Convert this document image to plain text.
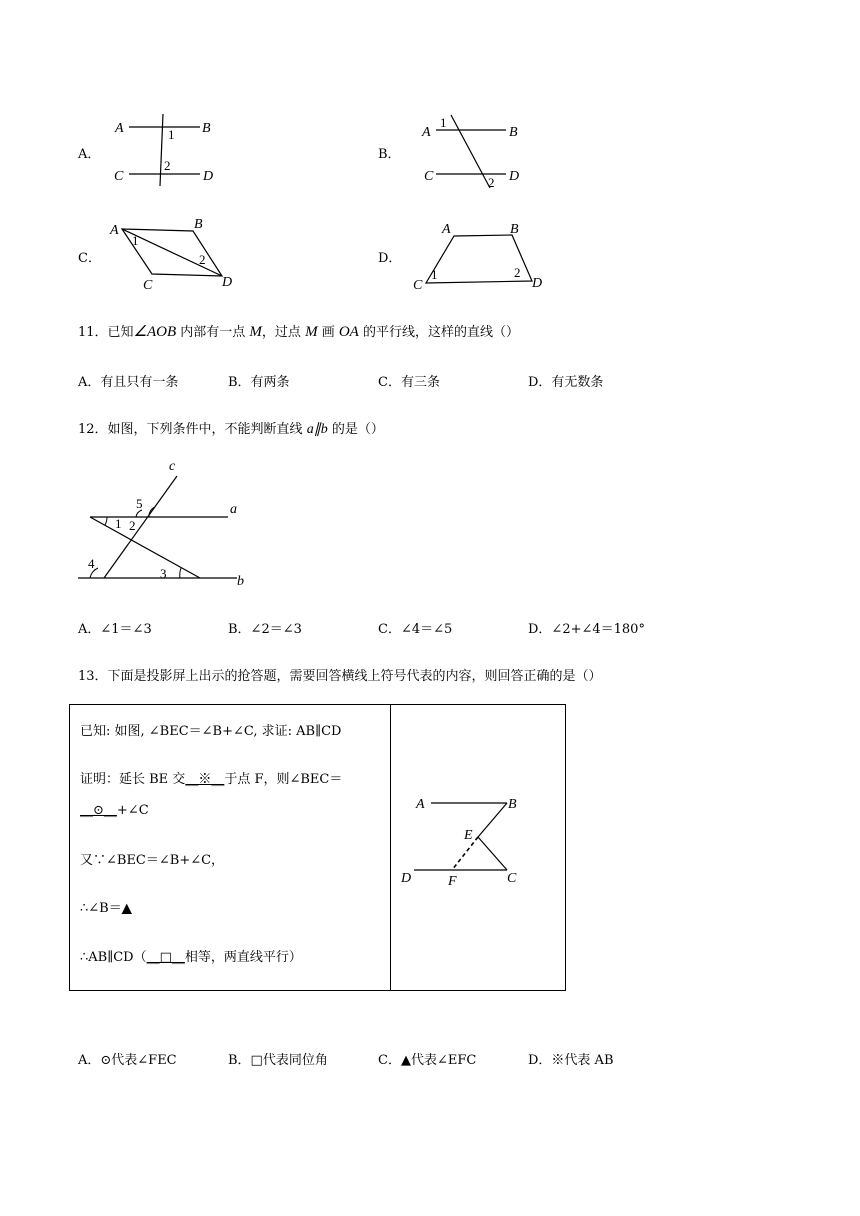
A．
A	B
C	D
1
2
B．
A	B
C	D
1
2
C．
A	B
C	D
1
2	D．
A	B
C	D
1	2
11．已知∠AOB 内部有一点 M，过点 M 画 OA 的平行线，这样的直线（）
A．有且只有一条	B．有两条	C．有三条	D．有无数条
12．如图，下列条件中，不能判断直线 a∥b 的是（）
c
a
b
1 2
3
4
5
A．∠1＝∠3	B．∠2＝∠3	C．∠4＝∠5	D．∠2+∠4＝180°
13．下面是投影屏上出示的抢答题，需要回答横线上符号代表的内容，则回答正确的是（）
已知: 如图, ∠BEC＝∠B+∠C, 求证: AB∥CD
证明：延长 BE 交__※__于点 F，则∠BEC＝
__⊙__+∠C
又∵∠BEC＝∠B+∠C，
∴∠B＝▲
∴AB∥CD（__□__相等，两直线平行）
A	B
E
D	F	C
A．⊙代表∠FEC	B．□代表同位角	C．▲代表∠EFC	D．※代表 AB
